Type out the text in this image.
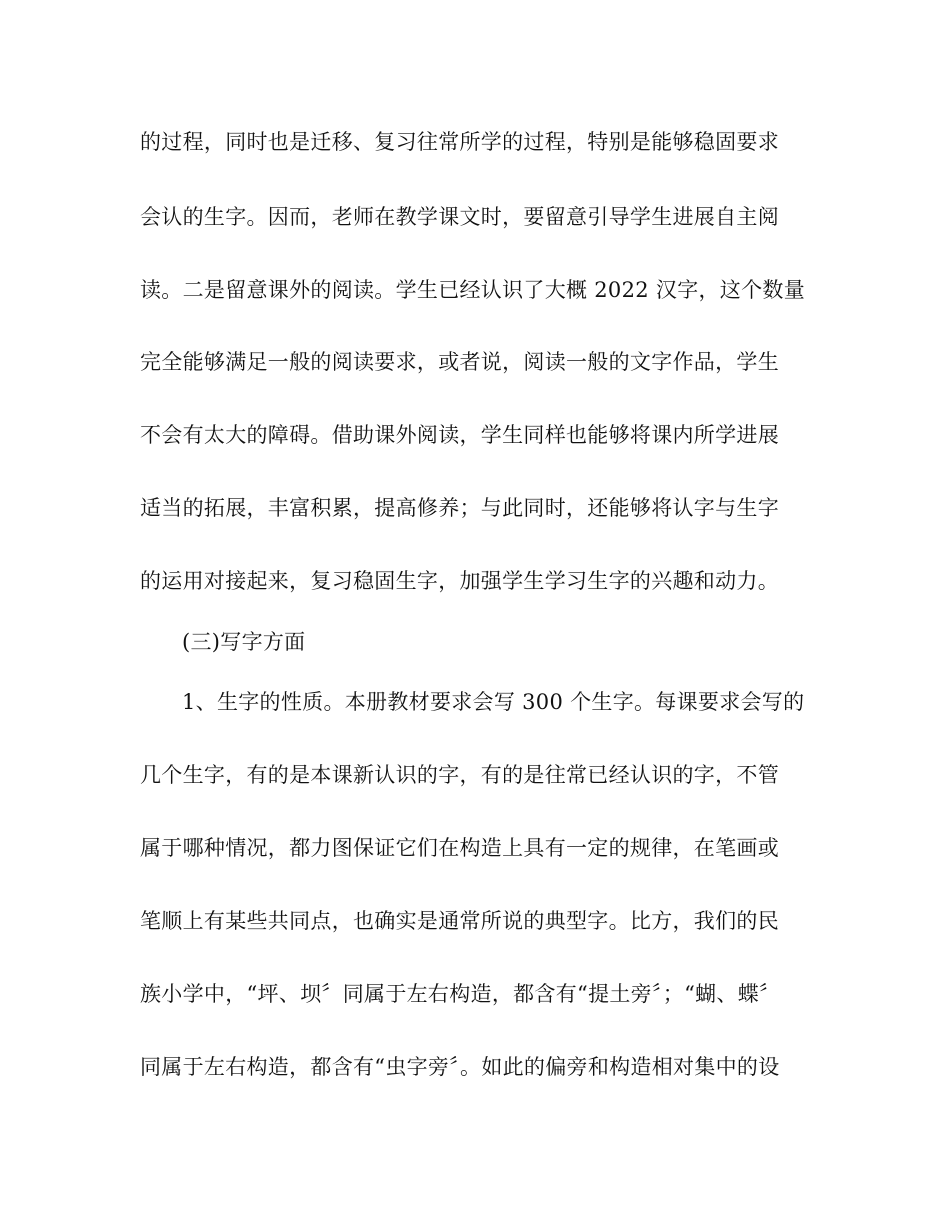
的过程，同时也是迁移、复习往常所学的过程，特别是能够稳固要求
会认的生字。因而，老师在教学课文时，要留意引导学生进展自主阅
读。二是留意课外的阅读。学生已经认识了大概 2022 汉字，这个数量
完全能够满足一般的阅读要求，或者说，阅读一般的文字作品，学生
不会有太大的障碍。借助课外阅读，学生同样也能够将课内所学进展
适当的拓展，丰富积累，提高修养；与此同时，还能够将认字与生字
的运用对接起来，复习稳固生字，加强学生学习生字的兴趣和动力。
(三)写字方面
1、生字的性质。本册教材要求会写 300 个生字。每课要求会写的
几个生字，有的是本课新认识的字，有的是往常已经认识的字，不管
属于哪种情况，都力图保证它们在构造上具有一定的规律，在笔画或
笔顺上有某些共同点，也确实是通常所说的典型字。比方，我们的民
族小学中，“坪、坝〞同属于左右构造，都含有“提土旁〞；“蝴、蝶〞
同属于左右构造，都含有“虫字旁〞。如此的偏旁和构造相对集中的设
